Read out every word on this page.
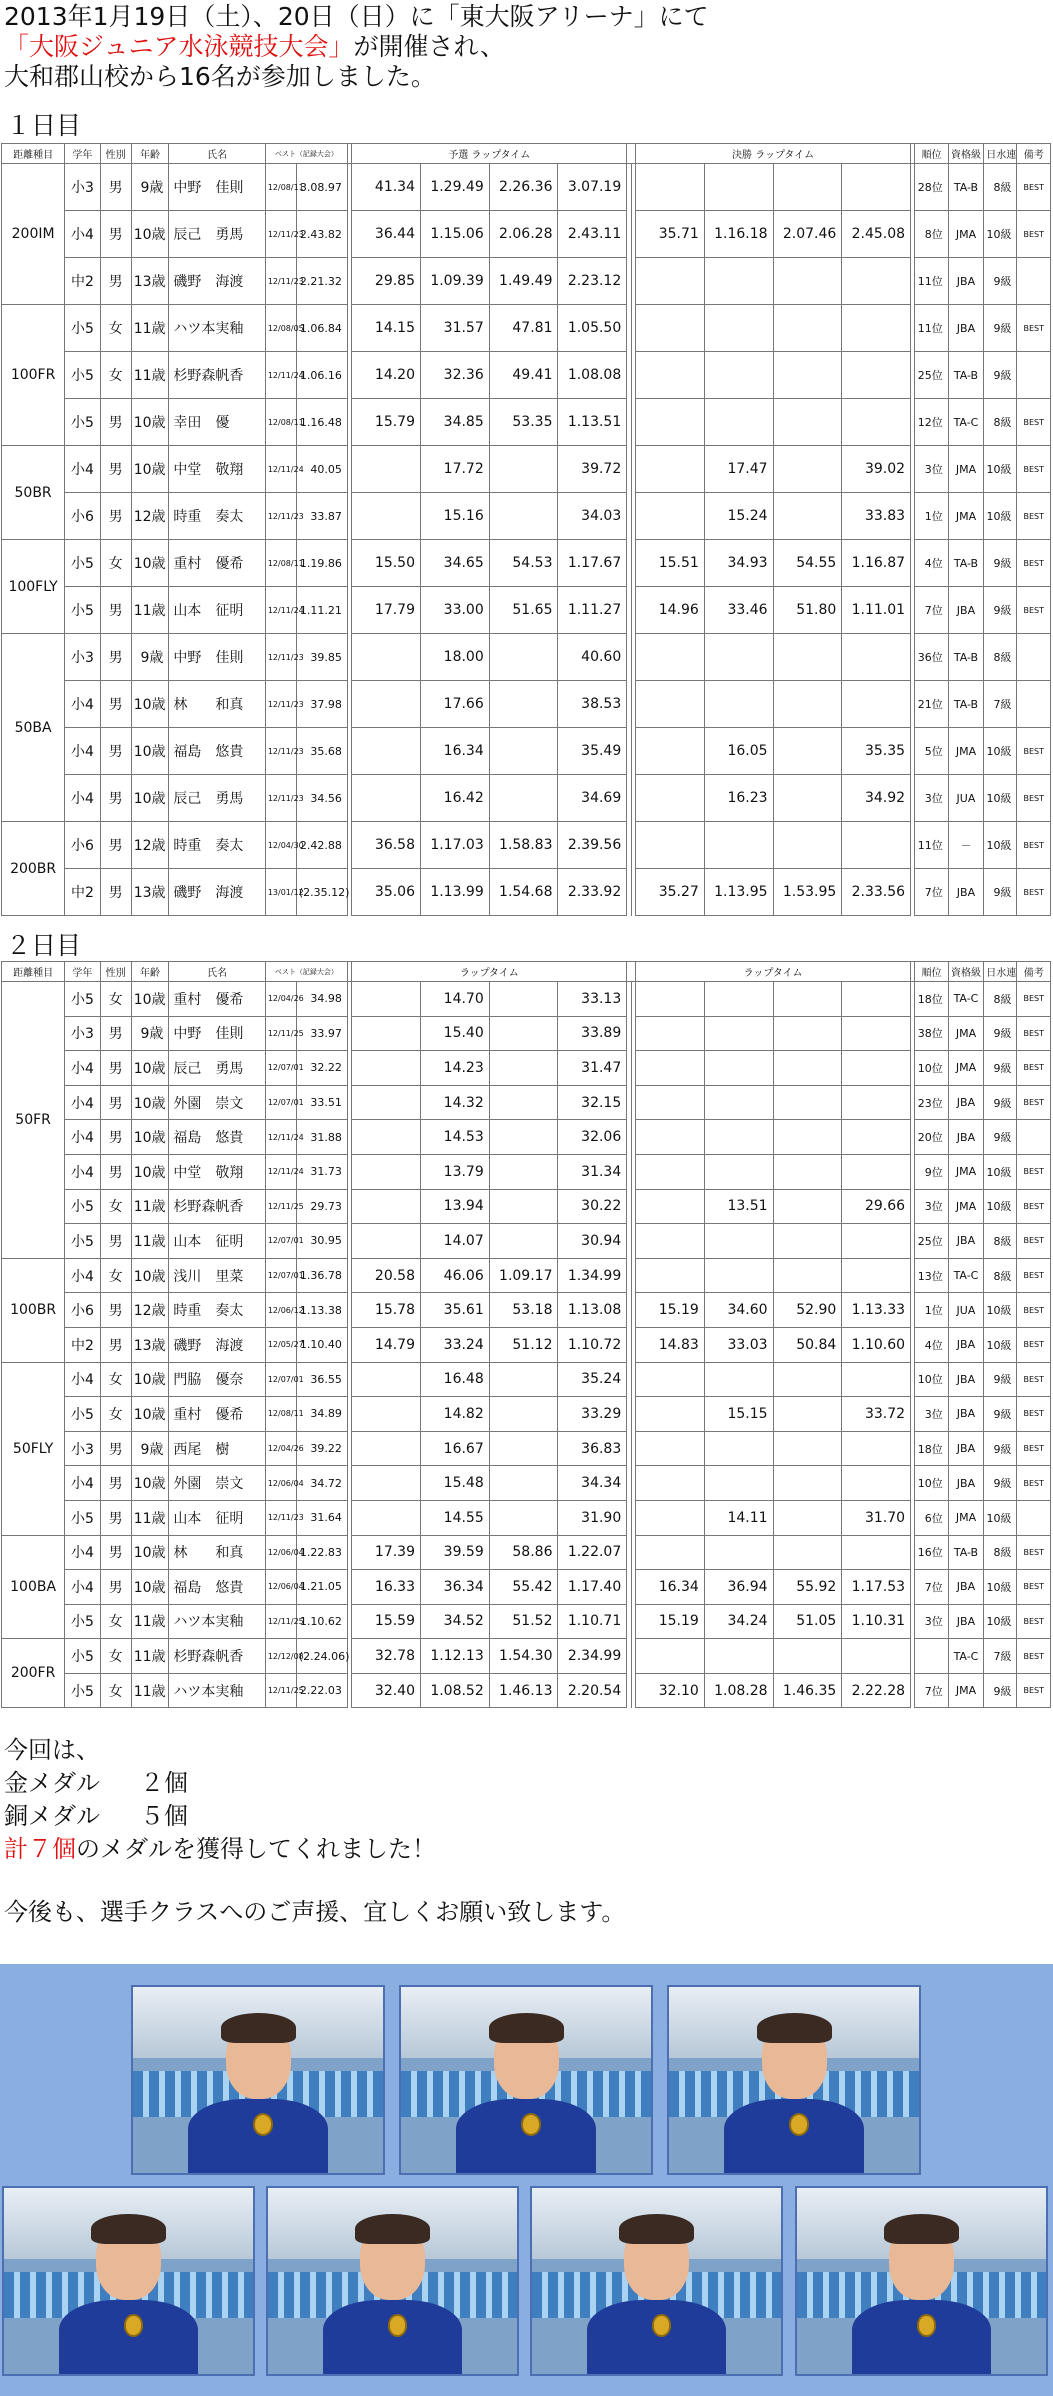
2013年1月19日（土）、20日（日）に「東大阪アリーナ」にて
「大阪ジュニア水泳競技大会」が開催され、
大和郡山校から16名が参加しました。
１日目
距離種目	学年	性別	年齢	氏名	ベスト（記録大会）			予選 ラップタイム						決勝 ラップタイム					順位	資格級	日水連	備考
200IM	小3	男	9歳	中野　佳則	12/08/11	3.08.97		41.34	1.29.49	2.26.36	3.07.19								28位	TA-B	8級	BEST
	小4	男	10歳	辰己　勇馬	12/11/23	2.43.82		36.44	1.15.06	2.06.28	2.43.11			35.71	1.16.18	2.07.46	2.45.08		8位	JMA	10級	BEST
	中2	男	13歳	磯野　海渡	12/11/23	2.21.32		29.85	1.09.39	1.49.49	2.23.12								11位	JBA	9級	
100FR	小5	女	11歳	ハツ本実釉	12/08/05	1.06.84		14.15	31.57	47.81	1.05.50								11位	JBA	9級	BEST
	小5	女	11歳	杉野森帆香	12/11/24	1.06.16		14.20	32.36	49.41	1.08.08								25位	TA-B	9級	
	小5	男	10歳	幸田　優	12/08/11	1.16.48		15.79	34.85	53.35	1.13.51								12位	TA-C	8級	BEST
50BR	小4	男	10歳	中堂　敬翔	12/11/24	40.05			17.72		39.72				17.47		39.02		3位	JMA	10級	BEST
	小6	男	12歳	時重　奏太	12/11/23	33.87			15.16		34.03				15.24		33.83		1位	JMA	10級	BEST
100FLY	小5	女	10歳	重村　優希	12/08/11	1.19.86		15.50	34.65	54.53	1.17.67			15.51	34.93	54.55	1.16.87		4位	TA-B	9級	BEST
	小5	男	11歳	山本　征明	12/11/24	1.11.21		17.79	33.00	51.65	1.11.27			14.96	33.46	51.80	1.11.01		7位	JBA	9級	BEST
50BA	小3	男	9歳	中野　佳則	12/11/23	39.85			18.00		40.60								36位	TA-B	8級	
	小4	男	10歳	林　　和真	12/11/23	37.98			17.66		38.53								21位	TA-B	7級	
	小4	男	10歳	福島　悠貴	12/11/23	35.68			16.34		35.49				16.05		35.35		5位	JMA	10級	BEST
	小4	男	10歳	辰己　勇馬	12/11/23	34.56			16.42		34.69				16.23		34.92		3位	JUA	10級	BEST
200BR	小6	男	12歳	時重　奏太	12/04/30	2.42.88		36.58	1.17.03	1.58.83	2.39.56								11位	－	10級	BEST
	中2	男	13歳	磯野　海渡	13/01/12	(2.35.12)		35.06	1.13.99	1.54.68	2.33.92			35.27	1.13.95	1.53.95	2.33.56		7位	JBA	9級	BEST
２日目
距離種目	学年	性別	年齢	氏名	ベスト（記録大会）			ラップタイム						ラップタイム					順位	資格級	日水連	備考
50FR	小5	女	10歳	重村　優希	12/04/26	34.98			14.70		33.13								18位	TA-C	8級	BEST
	小3	男	9歳	中野　佳則	12/11/25	33.97			15.40		33.89								38位	JMA	9級	BEST
	小4	男	10歳	辰己　勇馬	12/07/01	32.22			14.23		31.47								10位	JMA	9級	BEST
	小4	男	10歳	外園　崇文	12/07/01	33.51			14.32		32.15								23位	JBA	9級	BEST
	小4	男	10歳	福島　悠貴	12/11/24	31.88			14.53		32.06								20位	JBA	9級	
	小4	男	10歳	中堂　敬翔	12/11/24	31.73			13.79		31.34								9位	JMA	10級	BEST
	小5	女	11歳	杉野森帆香	12/11/25	29.73			13.94		30.22				13.51		29.66		3位	JMA	10級	BEST
	小5	男	11歳	山本　征明	12/07/01	30.95			14.07		30.94								25位	JBA	8級	BEST
100BR	小4	女	10歳	浅川　里菜	12/07/01	1.36.78		20.58	46.06	1.09.17	1.34.99								13位	TA-C	8級	BEST
	小6	男	12歳	時重　奏太	12/06/12	1.13.38		15.78	35.61	53.18	1.13.08			15.19	34.60	52.90	1.13.33		1位	JUA	10級	BEST
	中2	男	13歳	磯野　海渡	12/05/27	1.10.40		14.79	33.24	51.12	1.10.72			14.83	33.03	50.84	1.10.60		4位	JBA	10級	BEST
50FLY	小4	女	10歳	門脇　優奈	12/07/01	36.55			16.48		35.24								10位	JBA	9級	BEST
	小5	女	10歳	重村　優希	12/08/11	34.89			14.82		33.29				15.15		33.72		3位	JBA	9級	BEST
	小3	男	9歳	西尾　樹	12/04/26	39.22			16.67		36.83								18位	JBA	9級	BEST
	小4	男	10歳	外園　崇文	12/06/04	34.72			15.48		34.34								10位	JBA	9級	BEST
	小5	男	11歳	山本　征明	12/11/23	31.64			14.55		31.90				14.11		31.70		6位	JMA	10級	
100BA	小4	男	10歳	林　　和真	12/06/04	1.22.83		17.39	39.59	58.86	1.22.07								16位	TA-B	8級	BEST
	小4	男	10歳	福島　悠貴	12/06/04	1.21.05		16.33	36.34	55.42	1.17.40			16.34	36.94	55.92	1.17.53		7位	JBA	10級	BEST
	小5	女	11歳	ハツ本実釉	12/11/25	1.10.62		15.59	34.52	51.52	1.10.71			15.19	34.24	51.05	1.10.31		3位	JBA	10級	BEST
200FR	小5	女	11歳	杉野森帆香	12/12/08	(2.24.06)		32.78	1.12.13	1.54.30	2.34.99									TA-C	7級	BEST
	小5	女	11歳	ハツ本実釉	12/11/25	2.22.03		32.40	1.08.52	1.46.13	2.20.54			32.10	1.08.28	1.46.35	2.22.28		7位	JMA	9級	BEST
今回は、
金メダル ２個
銅メダル ５個
計７個のメダルを獲得してくれました！
今後も、選手クラスへのご声援、宜しくお願い致します。
